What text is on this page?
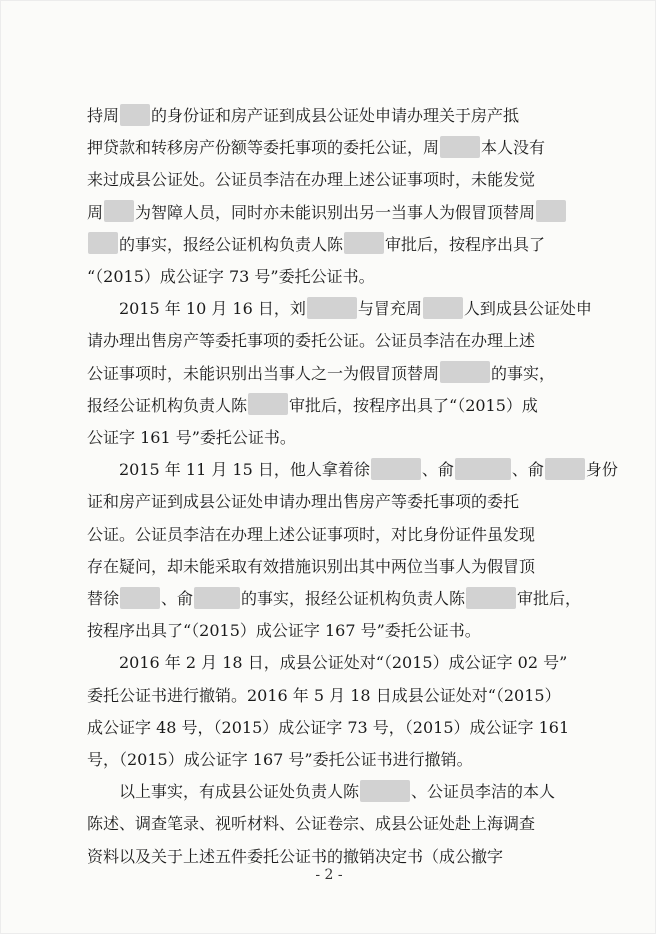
持周 的身份证和房产证到成县公证处申请办理关于房产抵
押贷款和转移房产份额等委托事项的委托公证，周	本人没有
来过成县公证处。公证员李洁在办理上述公证事项时，未能发觉
周 为智障人员，同时亦未能识别出另一当事人为假冒顶替周
的事实，报经公证机构负责人陈	审批后，按程序出具了
“（2015）成公证字 73 号”委托公证书。
2015 年 10 月 16 日，刘	与冒充周	人到成县公证处申
请办理出售房产等委托事项的委托公证。公证员李洁在办理上述
公证事项时，未能识别出当事人之一为假冒顶替周	的事实，
报经公证机构负责人陈	审批后，按程序出具了“（2015）成
公证字 161 号”委托公证书。
2015 年 11 月 15 日，他人拿着徐	、俞	、俞	身份
证和房产证到成县公证处申请办理出售房产等委托事项的委托
公证。公证员李洁在办理上述公证事项时，对比身份证件虽发现
存在疑问，却未能采取有效措施识别出其中两位当事人为假冒顶
替徐	、俞	的事实，报经公证机构负责人陈	审批后，
按程序出具了“（2015）成公证字 167 号”委托公证书。
2016 年 2 月 18 日，成县公证处对“（2015）成公证字 02 号”
委托公证书进行撤销。2016 年 5 月 18 日成县公证处对“（2015）
成公证字 48 号，（2015）成公证字 73 号，（2015）成公证字 161
号，（2015）成公证字 167 号”委托公证书进行撤销。
以上事实，有成县公证处负责人陈	、公证员李洁的本人
陈述、调查笔录、视听材料、公证卷宗、成县公证处赴上海调查
资料以及关于上述五件委托公证书的撤销决定书（成公撤字
- 2 -
